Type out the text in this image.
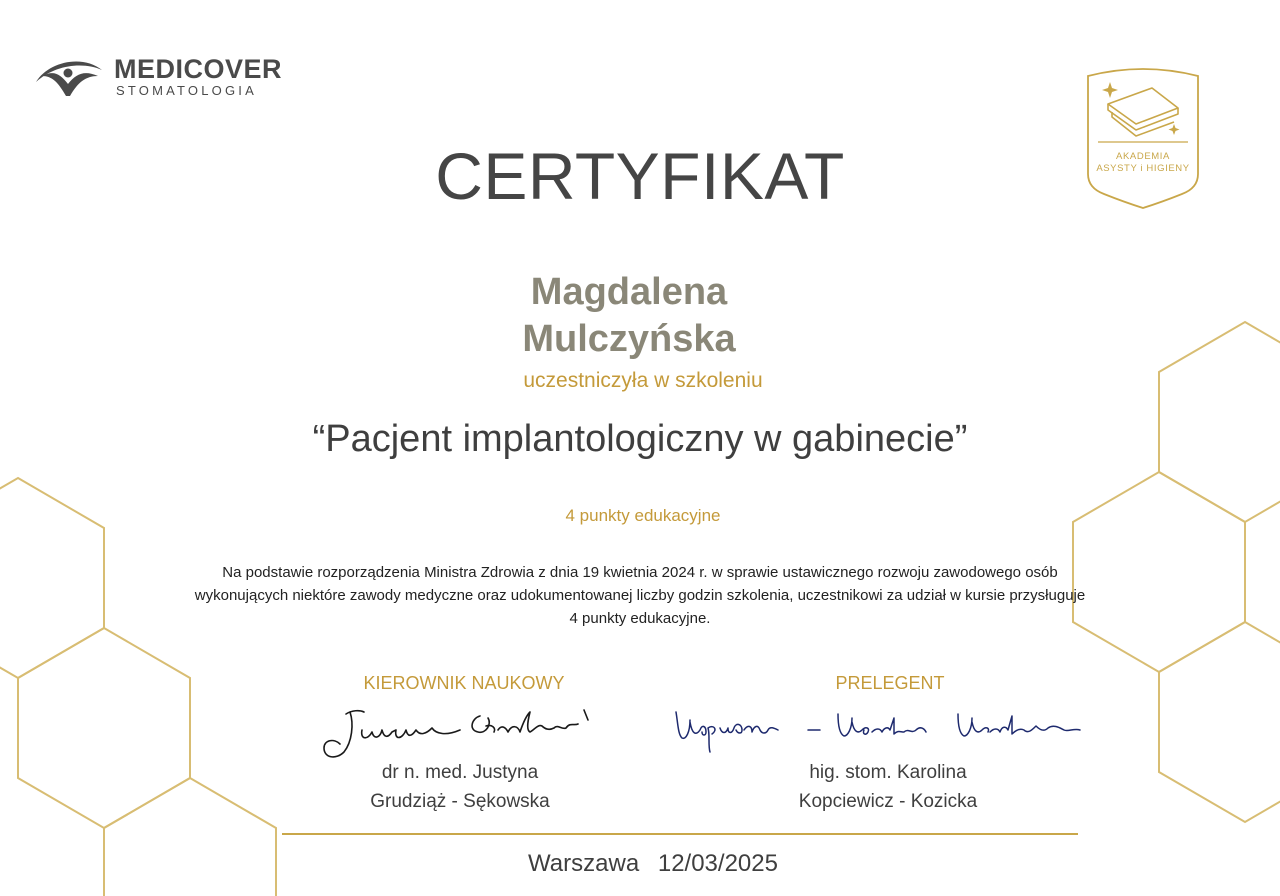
MEDICOVER
STOMATOLOGIA
AKADEMIA
ASYSTY i HIGIENY
CERTYFIKAT
Magdalena
Mulczyńska
uczestniczyła w szkoleniu
“Pacjent implantologiczny w gabinecie”
4 punkty edukacyjne
Na podstawie rozporządzenia Ministra Zdrowia z dnia 19 kwietnia 2024 r. w sprawie ustawicznego rozwoju zawodowego osób wykonujących niektóre zawody medyczne oraz udokumentowanej liczby godzin szkolenia, uczestnikowi za udział w kursie przysługuje 4 punkty edukacyjne.
KIEROWNIK NAUKOWY	PRELEGENT
dr n. med. Justyna
Grudziąż - Sękowska
hig. stom. Karolina
Kopciewicz - Kozicka
Warszawa 12/03/2025
